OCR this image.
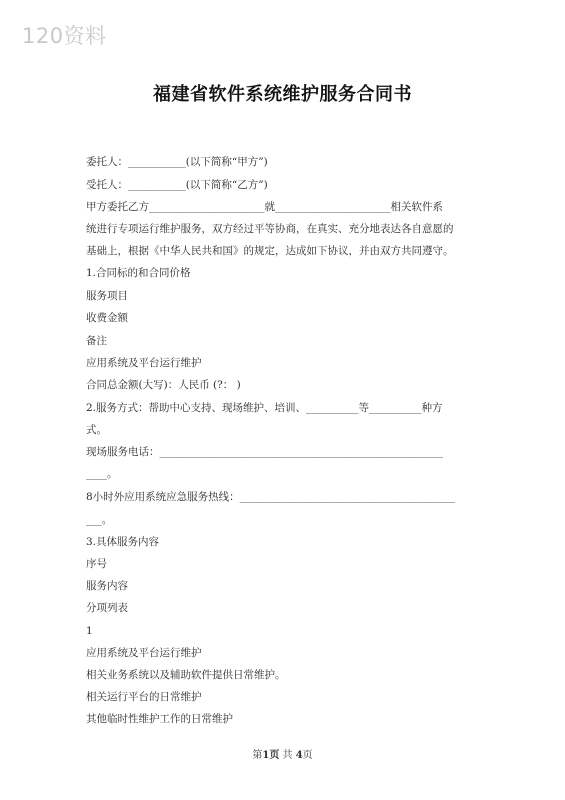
120资料
福建省软件系统维护服务合同书
委托人：___________(以下简称“甲方”)
受托人：___________(以下简称“乙方”)
甲方委托乙方______________________就______________________相关软件系
统进行专项运行维护服务，双方经过平等协商，在真实、充分地表达各自意愿的
基础上，根据《中华人民共和国》的规定，达成如下协议，并由双方共同遵守。
1.合同标的和合同价格
服务项目
收费金额
备注
应用系统及平台运行维护
合同总金额(大写)：人民币 (?： )
2.服务方式：帮助中心支持、现场维护、培训、__________等__________种方
式。
现场服务电话：______________________________________________________
____。
8小时外应用系统应急服务热线：_________________________________________
___。
3.具体服务内容
序号
服务内容
分项列表
1
应用系统及平台运行维护
相关业务系统以及辅助软件提供日常维护。
相关运行平台的日常维护
其他临时性维护工作的日常维护
第1页 共 4页
